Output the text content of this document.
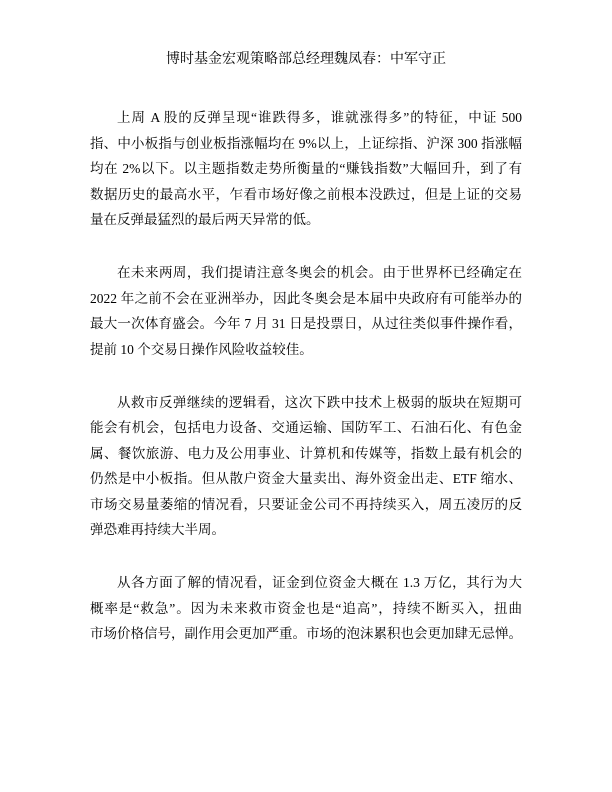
博时基金宏观策略部总经理魏凤春：中军守正
上周 A 股的反弹呈现“谁跌得多，谁就涨得多”的特征，中证 500
指、中小板指与创业板指涨幅均在 9%以上，上证综指、沪深 300 指涨幅
均在 2%以下。以主题指数走势所衡量的“赚钱指数”大幅回升，到了有
数据历史的最高水平，乍看市场好像之前根本没跌过，但是上证的交易
量在反弹最猛烈的最后两天异常的低。
在未来两周，我们提请注意冬奥会的机会。由于世界杯已经确定在
2022 年之前不会在亚洲举办，因此冬奥会是本届中央政府有可能举办的
最大一次体育盛会。今年 7 月 31 日是投票日，从过往类似事件操作看，
提前 10 个交易日操作风险收益较佳。
从救市反弹继续的逻辑看，这次下跌中技术上极弱的版块在短期可
能会有机会，包括电力设备、交通运输、国防军工、石油石化、有色金
属、餐饮旅游、电力及公用事业、计算机和传媒等，指数上最有机会的
仍然是中小板指。但从散户资金大量卖出、海外资金出走、ETF 缩水、
市场交易量萎缩的情况看，只要证金公司不再持续买入，周五凌厉的反
弹恐难再持续大半周。
从各方面了解的情况看，证金到位资金大概在 1.3 万亿，其行为大
概率是“救急”。因为未来救市资金也是“追高”，持续不断买入，扭曲
市场价格信号，副作用会更加严重。市场的泡沫累积也会更加肆无忌惮。
